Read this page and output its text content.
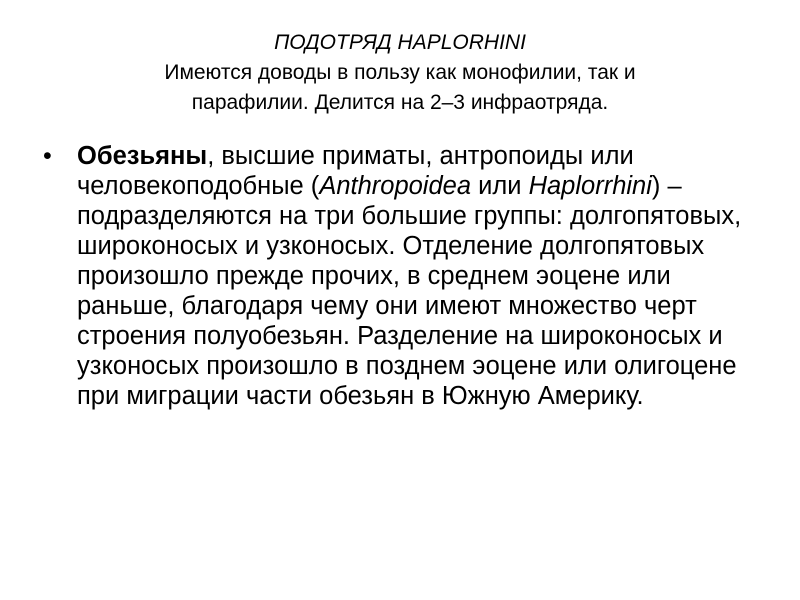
ПОДОТРЯД HAPLORHINI
Имеются доводы в пользу как монофилии, так и
парафилии. Делится на 2–3 инфраотряда.
• Обезьяны, высшие приматы, антропоиды или человекоподобные (Anthropoidea или Haplorrhini) – подразделяются на три большие группы: долгопятовых, широконосых и узконосых. Отделение долгопятовых произошло прежде прочих, в среднем эоцене или раньше, благодаря чему они имеют множество черт строения полуобезьян. Разделение на широконосых и узконосых произошло в позднем эоцене или олигоцене при миграции части обезьян в Южную Америку.
